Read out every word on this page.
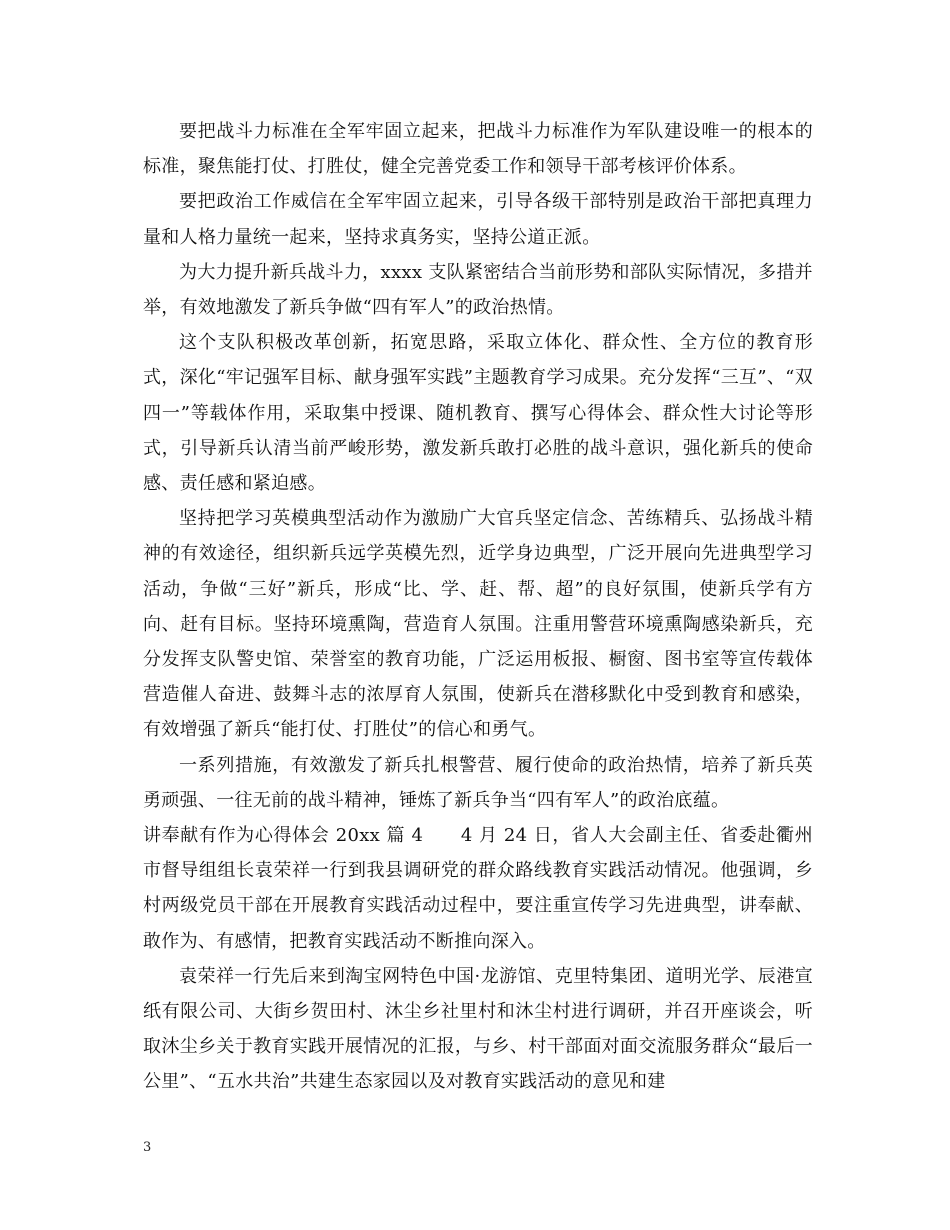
要把战斗力标准在全军牢固立起来，把战斗力标准作为军队建设唯一的根本的标准，聚焦能打仗、打胜仗，健全完善党委工作和领导干部考核评价体系。

要把政治工作威信在全军牢固立起来，引导各级干部特别是政治干部把真理力量和人格力量统一起来，坚持求真务实，坚持公道正派。

为大力提升新兵战斗力，xxxx 支队紧密结合当前形势和部队实际情况，多措并举，有效地激发了新兵争做“四有军人”的政治热情。

这个支队积极改革创新，拓宽思路，采取立体化、群众性、全方位的教育形式，深化“牢记强军目标、献身强军实践”主题教育学习成果。充分发挥“三互”、“双四一”等载体作用，采取集中授课、随机教育、撰写心得体会、群众性大讨论等形式，引导新兵认清当前严峻形势，激发新兵敢打必胜的战斗意识，强化新兵的使命感、责任感和紧迫感。

坚持把学习英模典型活动作为激励广大官兵坚定信念、苦练精兵、弘扬战斗精神的有效途径，组织新兵远学英模先烈，近学身边典型，广泛开展向先进典型学习活动，争做“三好”新兵，形成“比、学、赶、帮、超”的良好氛围，使新兵学有方向、赶有目标。坚持环境熏陶，营造育人氛围。注重用警营环境熏陶感染新兵，充分发挥支队警史馆、荣誉室的教育功能，广泛运用板报、橱窗、图书室等宣传载体营造催人奋进、鼓舞斗志的浓厚育人氛围，使新兵在潜移默化中受到教育和感染，有效增强了新兵“能打仗、打胜仗”的信心和勇气。

一系列措施，有效激发了新兵扎根警营、履行使命的政治热情，培养了新兵英勇顽强、一往无前的战斗精神，锤炼了新兵争当“四有军人”的政治底蕴。

讲奉献有作为心得体会 20xx 篇 4　　4 月 24 日，省人大会副主任、省委赴衢州市督导组组长袁荣祥一行到我县调研党的群众路线教育实践活动情况。他强调，乡村两级党员干部在开展教育实践活动过程中，要注重宣传学习先进典型，讲奉献、敢作为、有感情，把教育实践活动不断推向深入。

袁荣祥一行先后来到淘宝网特色中国·龙游馆、克里特集团、道明光学、辰港宣纸有限公司、大街乡贺田村、沐尘乡社里村和沐尘村进行调研，并召开座谈会，听取沐尘乡关于教育实践开展情况的汇报，与乡、村干部面对面交流服务群众“最后一公里”、“五水共治”共建生态家园以及对教育实践活动的意见和建

3
